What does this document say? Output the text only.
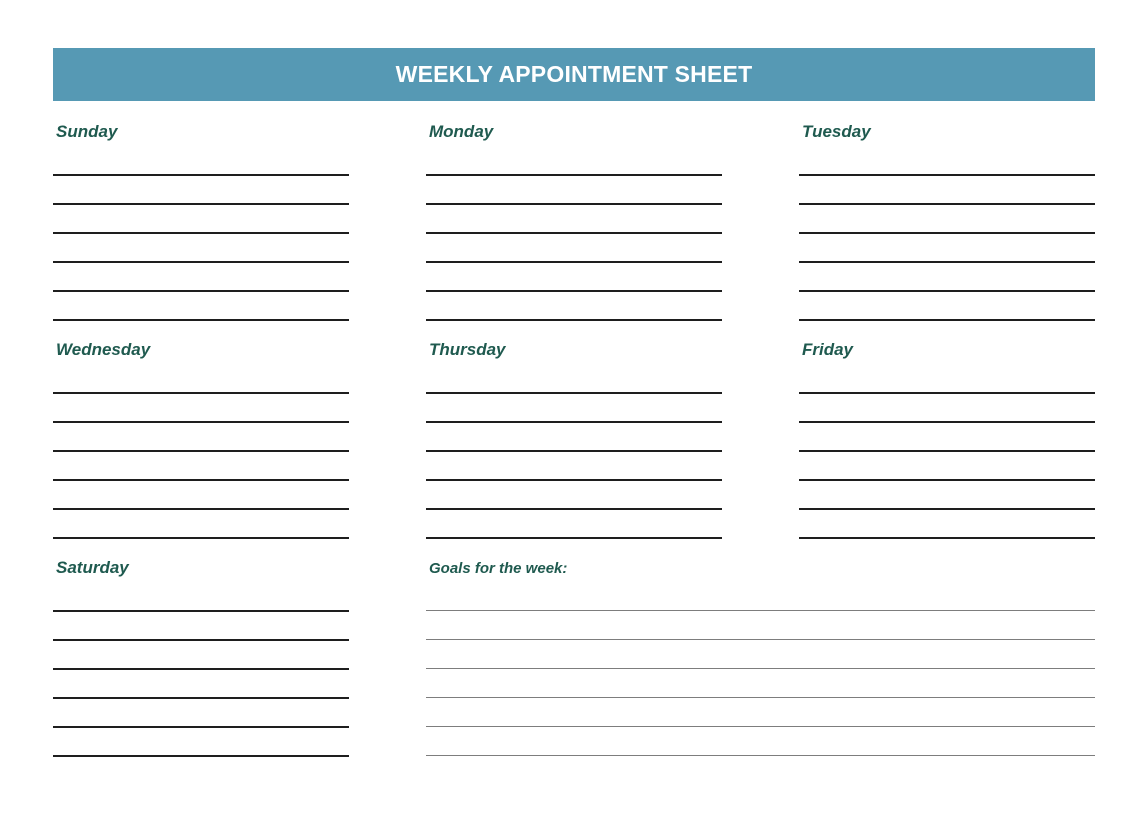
WEEKLY APPOINTMENT SHEET
Sunday	Monday	Tuesday
Wednesday	Thursday	Friday
Saturday	Goals for the week:
